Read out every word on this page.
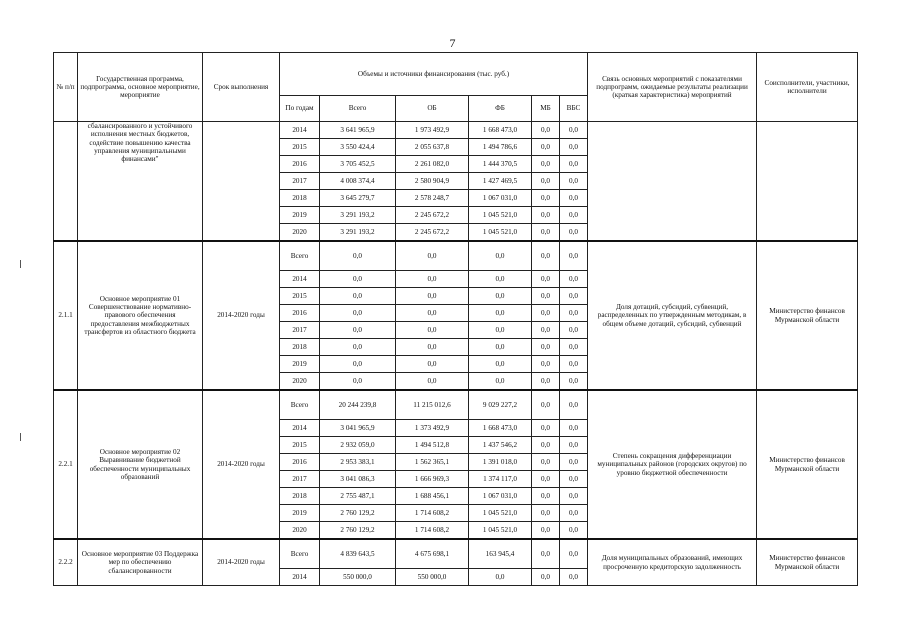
7
.
№ п/п	Государственная программа, подпрограмма, основное мероприятие, мероприятие	Срок выполнения	Объемы и источники финансирования (тыс. руб.)						Связь основных мероприятий с показателями подпрограмм, ожидаемые результаты реализации (краткая характеристика) мероприятий	Соисполнители, участники, исполнители
			По годам	Всего	ОБ	ФБ	МБ	ВБС		
	сбалансированного и устойчивого исполнения местных бюджетов, содействие повышению качества управления муниципальными финансами"		2014	3 641 965,9	1 973 492,9	1 668 473,0	0,0	0,0		
			2015	3 550 424,4	2 055 637,8	1 494 786,6	0,0	0,0		
			2016	3 705 452,5	2 261 082,0	1 444 370,5	0,0	0,0		
			2017	4 008 374,4	2 580 904,9	1 427 469,5	0,0	0,0		
			2018	3 645 279,7	2 578 248,7	1 067 031,0	0,0	0,0		
			2019	3 291 193,2	2 245 672,2	1 045 521,0	0,0	0,0		
			2020	3 291 193,2	2 245 672,2	1 045 521,0	0,0	0,0		
2.1.1	Основное мероприятие 01 Совершенствование нормативно-правового обеспечения предоставления межбюджетных трансфертов из областного бюджета	2014-2020 годы	Всего	0,0	0,0	0,0	0,0	0,0	Доля дотаций, субсидий, субвенций, распределенных по утвержденным методикам, в общем объеме дотаций, субсидий, субвенций	Министерство финансов Мурманской области
			2014	0,0	0,0	0,0	0,0	0,0		
			2015	0,0	0,0	0,0	0,0	0,0		
			2016	0,0	0,0	0,0	0,0	0,0		
			2017	0,0	0,0	0,0	0,0	0,0		
			2018	0,0	0,0	0,0	0,0	0,0		
			2019	0,0	0,0	0,0	0,0	0,0		
			2020	0,0	0,0	0,0	0,0	0,0		
2.2.1	Основное мероприятие 02 Выравнивание бюджетной обеспеченности муниципальных образований	2014-2020 годы	Всего	20 244 239,8	11 215 012,6	9 029 227,2	0,0	0,0	Степень сокращения дифференциации муниципальных районов (городских округов) по уровню бюджетной обеспеченности	Министерство финансов Мурманской области
			2014	3 041 965,9	1 373 492,9	1 668 473,0	0,0	0,0		
			2015	2 932 059,0	1 494 512,8	1 437 546,2	0,0	0,0		
			2016	2 953 383,1	1 562 365,1	1 391 018,0	0,0	0,0		
			2017	3 041 086,3	1 666 969,3	1 374 117,0	0,0	0,0		
			2018	2 755 487,1	1 688 456,1	1 067 031,0	0,0	0,0		
			2019	2 760 129,2	1 714 608,2	1 045 521,0	0,0	0,0		
			2020	2 760 129,2	1 714 608,2	1 045 521,0	0,0	0,0		
2.2.2	Основное мероприятие 03 Поддержка мер по обеспечению сбалансированности	2014-2020 годы	Всего	4 839 643,5	4 675 698,1	163 945,4	0,0	0,0	Доля муниципальных образований, имеющих просроченную кредиторскую задолженность	Министерство финансов Мурманской области
			2014	550 000,0	550 000,0	0,0	0,0	0,0		
